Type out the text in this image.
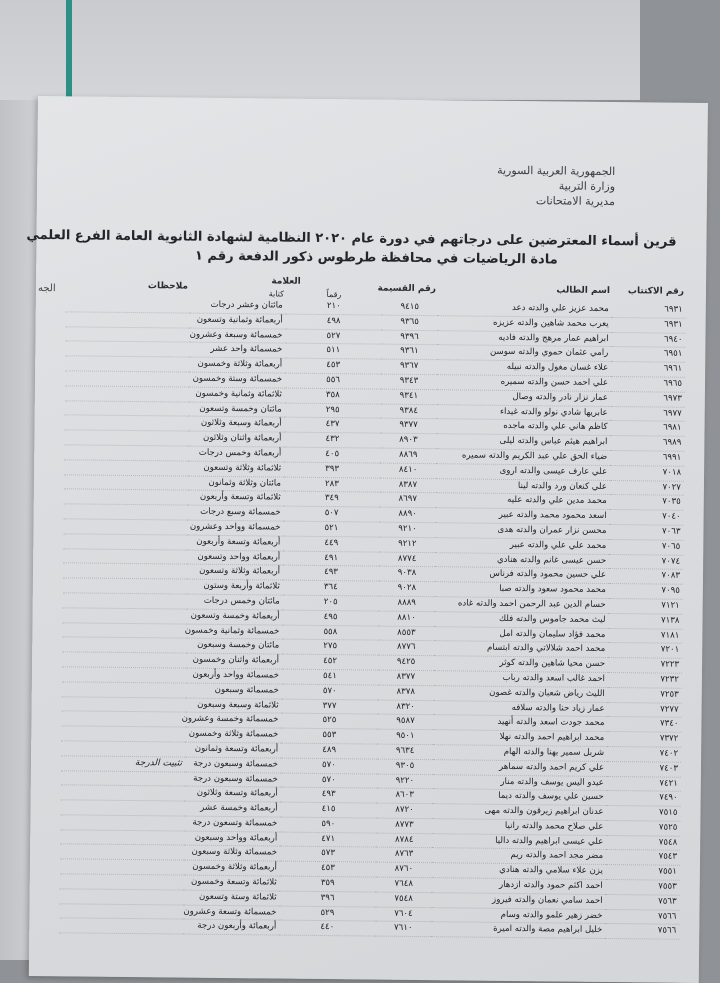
الجه
الجمهورية العربية السورية
وزارة التربية
مديرية الامتحانات
قرين أسماء المعترضين على درجاتهم في دورة عام ٢٠٢٠ النظامية لشهادة الثانوية العامة الفرع العلمي
مادة الرياضيات في محافظة طرطوس ذكور الدفعة رقم ١
رقم الاكتتاب	اسم الطالب	رقم القسيمة	العلامة		ملاحظات
			رقماً	كتابة	
٦٩٣١	محمد عزيز علي والدته دعد	٩٤١٥	٢١٠	مائتان وعشر درجات	
٦٩٣١	يعرب محمد شاهين والدته عزيزه	٩٣٦٥	٤٩٨	أربعمائة وثمانية وتسعون	
٦٩٤٠	ابراهيم عمار مرهج والدته فاديه	٩٣٩٦	٥٢٧	خمسمائة وسبعة وعشرون	
٦٩٥١	رامي عثمان حموي والدته سوسن	٩٣٦١	٥١١	خمسمائة واحد عشر	
٦٩٦١	علاء غسان مغول والدته نبيله	٩٣٦٧	٤٥٣	أربعمائة وثلاثة وخمسون	
٦٩٦٥	علي احمد حسن والدته سميره	٩٣٤٣	٥٥٦	خمسمائة وستة وخمسون	
٦٩٧٣	عمار نزار نادر والدته وصال	٩٣٤١	٣٥٨	ثلاثمائة وثمانية وخمسون	
٦٩٧٧	عابريها شادي نولو والدته غيداء	٩٣٨٤	٢٩٥	مائتان وخمسة وتسعون	
٦٩٨١	كاظم هاني علي والدته ماجده	٩٣٧٧	٤٣٧	أربعمائة وسبعة وثلاثون	
٦٩٨٩	ابراهيم هيثم عباس والدته ليلى	٨٩٠٣	٤٣٢	أربعمائة واثنان وثلاثون	
٦٩٩١	ضياء الحق علي عبد الكريم والدته سميره	٨٨٦٩	٤٠٥	أربعمائة وخمس درجات	
٧٠١٨	علي عارف عيسى والدته اروى	٨٤١٠	٣٩٣	ثلاثمائة وثلاثة وتسعون	
٧٠٢٧	علي كنعان ورد والدته لينا	٨٣٨٧	٢٨٣	مائتان وثلاثة وثمانون	
٧٠٣٥	محمد مدين علي والدته عليه	٨٦٩٧	٣٤٩	ثلاثمائة وتسعة وأربعون	
٧٠٤٠	اسعد محمود محمد والدته عبير	٨٨٩٠	٥٠٧	خمسمائة وسبع درجات	
٧٠٦٣	محسن نزار عمران والدته هدى	٩٢١٠	٥٢١	خمسمائة وواحد وعشرون	
٧٠٦٥	محمد علي علي والدته عبير	٩٢١٢	٤٤٩	أربعمائة وتسعة وأربعون	
٧٠٧٤	حسن عيسى غانم والدته هنادي	٨٧٧٤	٤٩١	أربعمائة وواحد وتسعون	
٧٠٨٣	علي حسين محمود والدته فرناس	٩٠٣٨	٤٩٣	أربعمائة وثلاثة وتسعون	
٧٠٩٥	محمد محمود سعود والدته صبا	٩٠٢٨	٣٦٤	ثلاثمائة وأربعة وستون	
٧١٢١	حسام الدين عبد الرحمن احمد والدته غاده	٨٨٨٩	٢٠٥	مائتان وخمس درجات	
٧١٣٨	ليث محمد جاموس والدته فلك	٨٨١٠	٤٩٥	أربعمائة وخمسة وتسعون	
٧١٨١	محمد فؤاد سليمان والدته امل	٨٥٥٣	٥٥٨	خمسمائة وثمانية وخمسون	
٧٢٠١	محمد احمد شلالاتي والدته ابتسام	٨٧٧٦	٢٧٥	مائتان وخمسة وسبعون	
٧٢٢٣	حسن محيا شاهين والدته كوثر	٩٤٢٥	٤٥٢	أربعمائة واثنان وخمسون	
٧٢٣٢	احمد غالب اسعد والدته رباب	٨٣٧٧	٥٤١	خمسمائة وواحد وأربعون	
٧٢٥٣	الليث رياض شعبان والدته غصون	٨٣٧٨	٥٧٠	خمسمائة وسبعون	
٧٢٧٧	عمار زياد حنا والدته سلافه	٨٣٢٠	٣٧٧	ثلاثمائة وسبعة وسبعون	
٧٣٤٠	محمد جودت اسعد والدته أنهيد	٩٥٨٧	٥٢٥	خمسمائة وخمسة وعشرون	
٧٣٧٢	محمد ابراهيم احمد والدته نهلا	٩٥٠١	٥٥٣	خمسمائة وثلاثة وخمسون	
٧٤٠٢	شربل سمير بهنا والدته الهام	٩٦٣٤	٤٨٩	أربعمائة وتسعة وثمانون	
٧٤٠٣	علي كريم احمد والدته سماهر	٩٣٠٥	٥٧٠	خمسمائة وسبعون درجة	تثبيت الدرجة
٧٤٢١	عيدو اليس يوسف والدته منار	٩٢٢٠	٥٧٠	خمسمائة وسبعون درجة	
٧٤٩٠	حسين علي يوسف والدته ديما	٨٦٠٣	٤٩٣	أربعمائة وتسعة وثلاثون	
٧٥١٥	عدنان ابراهيم زيرقون والدته مهى	٨٧٢٠	٤١٥	أربعمائة وخمسة عشر	
٧٥٢٥	علي صلاح محمد والدته رانيا	٨٧٧٣	٥٩٠	خمسمائة وتسعون درجة	
٧٥٤٨	علي عيسى ابراهيم والدته داليا	٨٧٨٤	٤٧١	أربعمائة وواحد وسبعون	
٧٥٤٣	مضر مجد احمد والدته ريم	٨٧٦٣	٥٧٣	خمسمائة وثلاثة وسبعون	
٧٥٥١	يزن علاء سلامي والدته هنادي	٨٧٦٠	٤٥٣	أربعمائة وثلاثة وخمسون	
٧٥٥٣	احمد اكثم حمود والدته ازدهار	٧٦٤٨	٣٥٩	ثلاثمائة وتسعة وخمسون	
٧٥٦٣	احمد سامي نعمان والدته فيروز	٧٥٤٨	٣٩٦	ثلاثمائة وستة وتسعون	
٧٥٦٦	خضر زهير علمو والدته وسام	٧٦٠٤	٥٢٩	خمسمائة وتسعة وعشرون	
٧٥٦٦	خليل ابراهيم مصة والدته اميرة	٧٦١٠	٤٤٠	أربعمائة وأربعون درجة	
